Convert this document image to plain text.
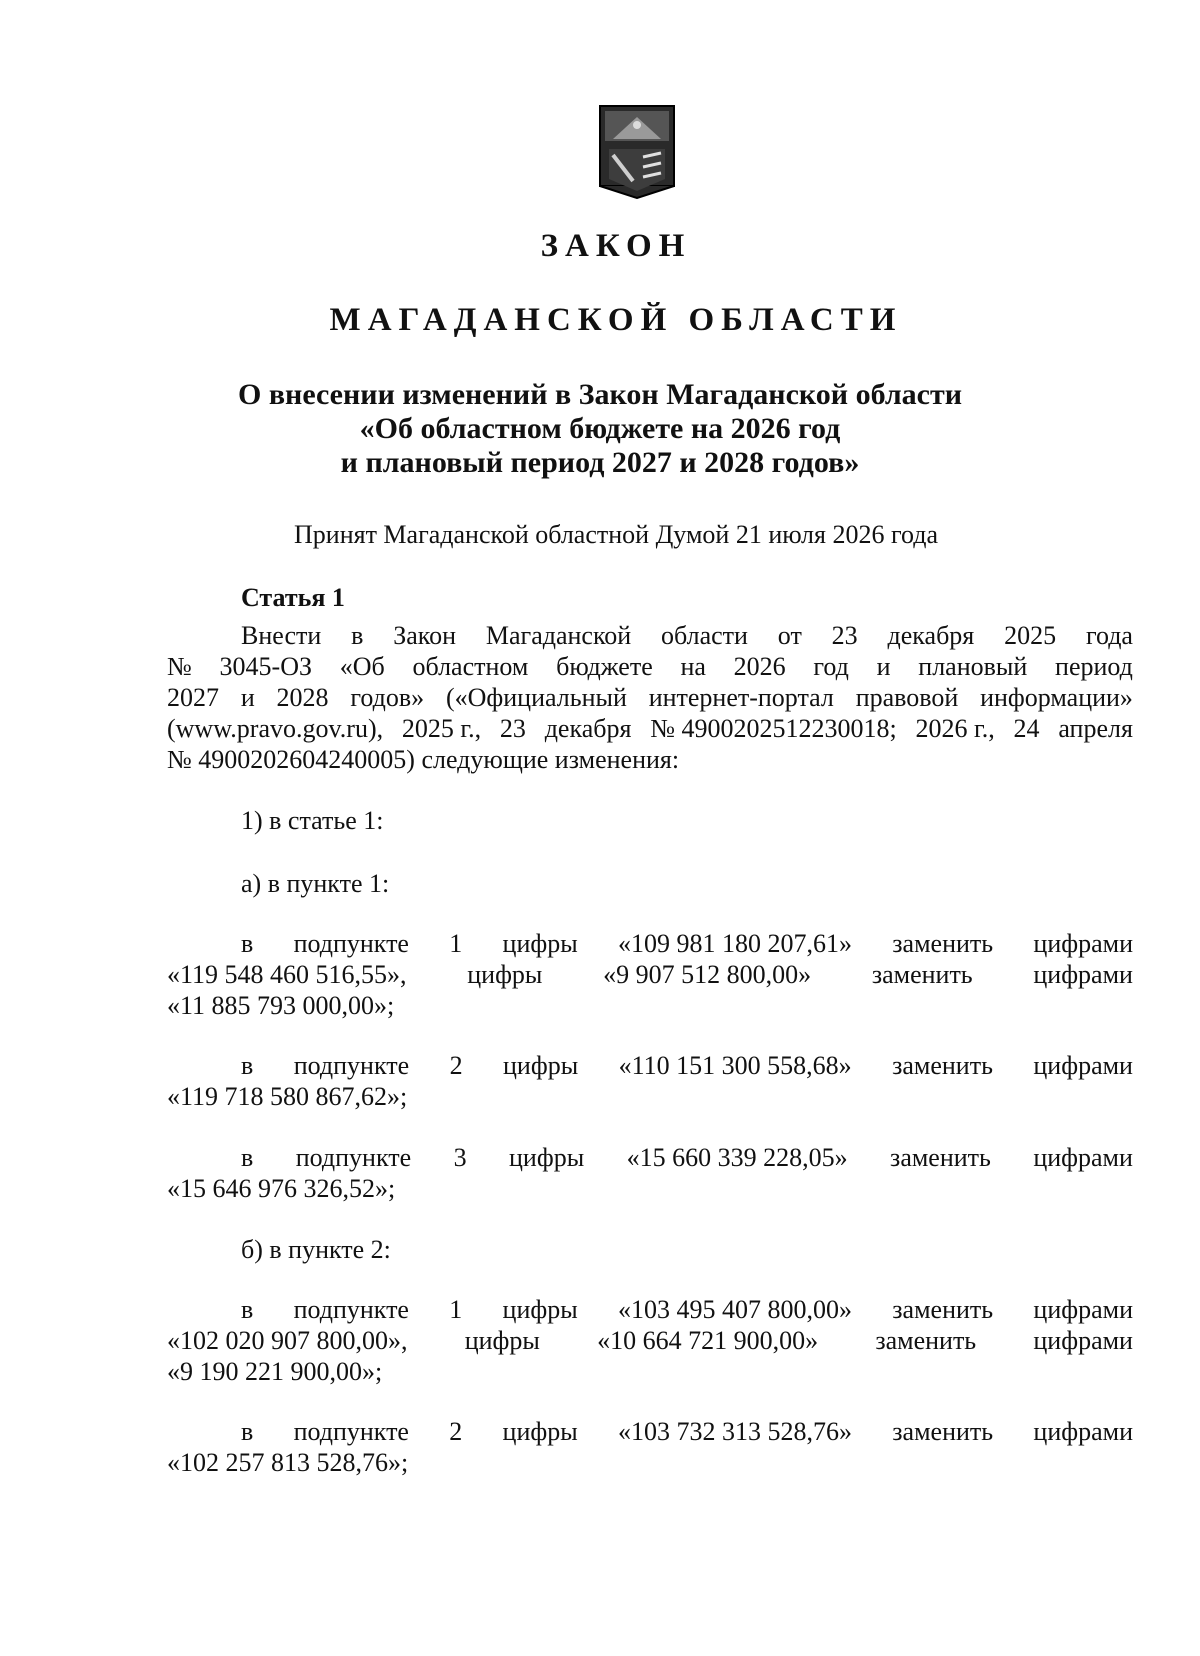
ЗАКОН
МАГАДАНСКОЙ ОБЛАСТИ
О внесении изменений в Закон Магаданской области
«Об областном бюджете на 2026 год
и плановый период 2027 и 2028 годов»
Принят Магаданской областной Думой 21 июля 2026 года
Статья 1
Внести в Закон Магаданской области от 23 декабря 2025 года
№ 3045-ОЗ «Об областном бюджете на 2026 год и плановый период
2027 и 2028 годов» («Официальный интернет-портал правовой информации»
(www.pravo.gov.ru), 2025 г., 23 декабря № 4900202512230018; 2026 г., 24 апреля
№ 4900202604240005) следующие изменения:
1) в статье 1:
а) в пункте 1:
в подпункте 1 цифры «109 981 180 207,61» заменить цифрами
«119 548 460 516,55», цифры «9 907 512 800,00» заменить цифрами
«11 885 793 000,00»;
в подпункте 2 цифры «110 151 300 558,68» заменить цифрами
«119 718 580 867,62»;
в подпункте 3 цифры «15 660 339 228,05» заменить цифрами
«15 646 976 326,52»;
б) в пункте 2:
в подпункте 1 цифры «103 495 407 800,00» заменить цифрами
«102 020 907 800,00», цифры «10 664 721 900,00» заменить цифрами
«9 190 221 900,00»;
в подпункте 2 цифры «103 732 313 528,76» заменить цифрами
«102 257 813 528,76»;
